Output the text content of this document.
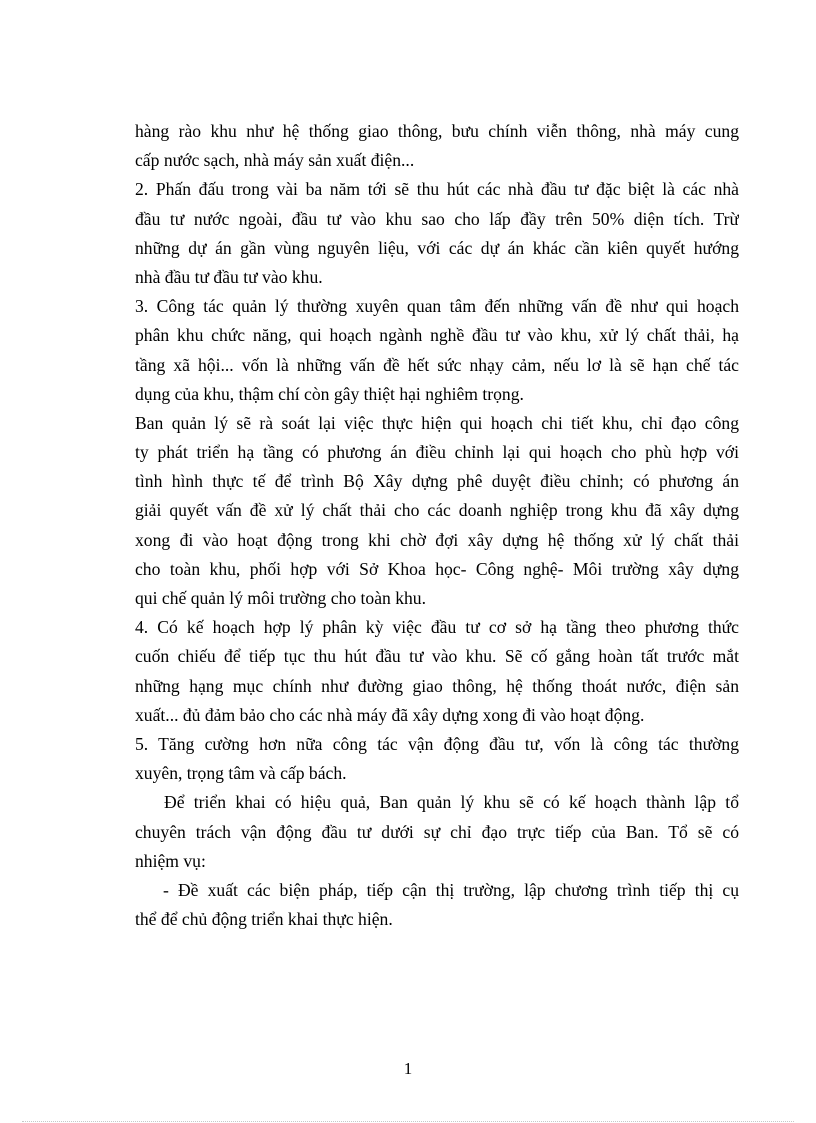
hàng rào khu như hệ thống giao thông, bưu chính viễn thông, nhà máy cung
cấp nước sạch, nhà máy sản xuất điện...
2. Phấn đấu trong vài ba năm tới sẽ thu hút các nhà đầu tư đặc biệt là các nhà
đầu tư nước ngoài, đầu tư vào khu sao cho lấp đầy trên 50% diện tích. Trừ
những dự án gần vùng nguyên liệu, với các dự án khác cần kiên quyết hướng
nhà đầu tư đầu tư vào khu.
3. Công tác quản lý thường xuyên quan tâm đến những vấn đề như qui hoạch
phân khu chức năng, qui hoạch ngành nghề đầu tư vào khu, xử lý chất thải, hạ
tầng xã hội... vốn là những vấn đề hết sức nhạy cảm, nếu lơ là sẽ hạn chế tác
dụng của khu, thậm chí còn gây thiệt hại nghiêm trọng.
Ban quản lý sẽ rà soát lại việc thực hiện qui hoạch chi tiết khu, chỉ đạo công
ty phát triển hạ tầng có phương án điều chỉnh lại qui hoạch cho phù hợp với
tình hình thực tế để trình Bộ Xây dựng phê duyệt điều chỉnh; có phương án
giải quyết vấn đề xử lý chất thải cho các doanh nghiệp trong khu đã xây dựng
xong đi vào hoạt động trong khi chờ đợi xây dựng hệ thống xử lý chất thải
cho toàn khu, phối hợp với Sở Khoa học- Công nghệ- Môi trường xây dựng
qui chế quản lý môi trường cho toàn khu.
4. Có kế hoạch hợp lý phân kỳ việc đầu tư cơ sở hạ tầng theo phương thức
cuốn chiếu để tiếp tục thu hút đầu tư vào khu. Sẽ cố gắng hoàn tất trước mắt
những hạng mục chính như đường giao thông, hệ thống thoát nước, điện sản
xuất... đủ đảm bảo cho các nhà máy đã xây dựng xong đi vào hoạt động.
5. Tăng cường hơn nữa công tác vận động đầu tư, vốn là công tác thường
xuyên, trọng tâm và cấp bách.
Để triển khai có hiệu quả, Ban quản lý khu sẽ có kế hoạch thành lập tổ
chuyên trách vận động đầu tư dưới sự chỉ đạo trực tiếp của Ban. Tổ sẽ có
nhiệm vụ:
- Đề xuất các biện pháp, tiếp cận thị trường, lập chương trình tiếp thị cụ
thể để chủ động triển khai thực hiện.
1
